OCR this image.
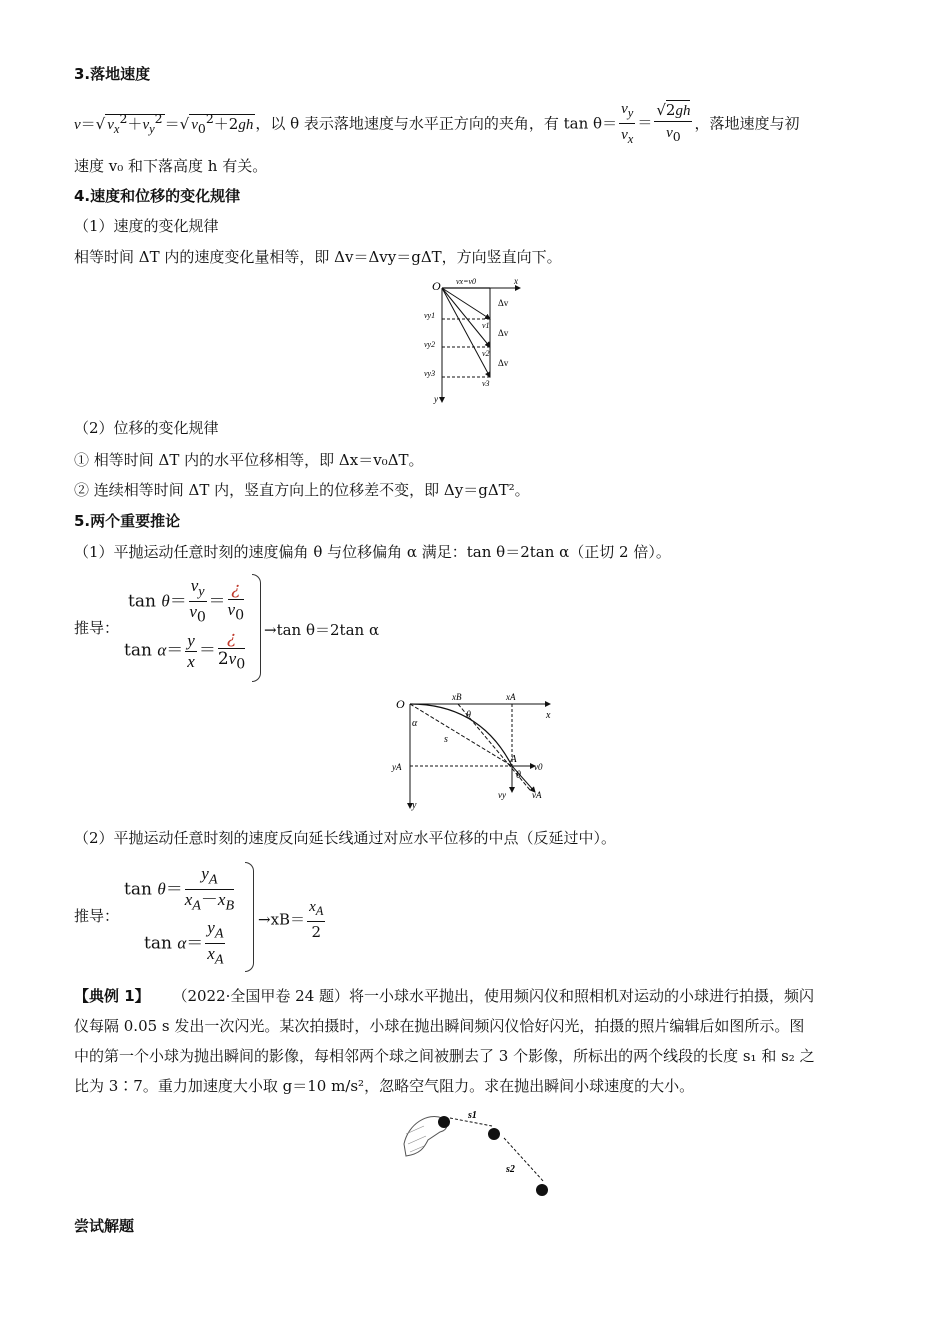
3.落地速度
v＝√ $v_x^2+v_y^2$ ＝√ $v_0^2+2gh$ ，以 θ 表示落地速度与水平正方向的夹角，有 $\tan \theta= \frac{v_y}{v_x} = \frac{√2gh}{v_0}$ ，落地速度与初
速度 v₀ 和下落高度 h 有关。
4.速度和位移的变化规律
（1）速度的变化规律
相等时间 ΔT 内的速度变化量相等，即 Δv＝Δvy＝gΔT，方向竖直向下。
O vx=v0	x
y
Δv
Δv
Δv
v1
v2
v3
vy1
vy2
vy3
（2）位移的变化规律
① 相等时间 ΔT 内的水平位移相等，即 Δx＝v₀ΔT。
② 连续相等时间 ΔT 内，竖直方向上的位移差不变，即 Δy＝gΔT²。
5.两个重要推论
（1）平抛运动任意时刻的速度偏角 θ 与位移偏角 α 满足：tan θ＝2tan α（正切 2 倍）。
推导：
$\tan \theta= \frac{v_y}{v_0} = \frac{¿}{v_0}$
$\tan \alpha= \frac{y}{x} = \frac{¿}{2v_0} \to\tan$ θ＝2tan α
O	xB	xA
x
y
yA
A
θ
θ
α
s
v0
vy	vA
（2）平抛运动任意时刻的速度反向延长线通过对应水平位移的中点（反延过中）。
推导：
$\tan \theta= \frac{y_A}{x_A-x_B}$
$\tan \alpha= \frac{y_A}{x_A} \to xB= \frac{x_A}{2}$
【典例 1】 （2022·全国甲卷 24 题）将一小球水平抛出，使用频闪仪和照相机对运动的小球进行拍摄，频闪
仪每隔 0.05 s 发出一次闪光。某次拍摄时，小球在抛出瞬间频闪仪恰好闪光，拍摄的照片编辑后如图所示。图
中的第一个小球为抛出瞬间的影像，每相邻两个球之间被删去了 3 个影像，所标出的两个线段的长度 s₁ 和 s₂ 之
比为 3∶7。重力加速度大小取 g＝10 m/s²，忽略空气阻力。求在抛出瞬间小球速度的大小。
s1
s2
尝试解题
